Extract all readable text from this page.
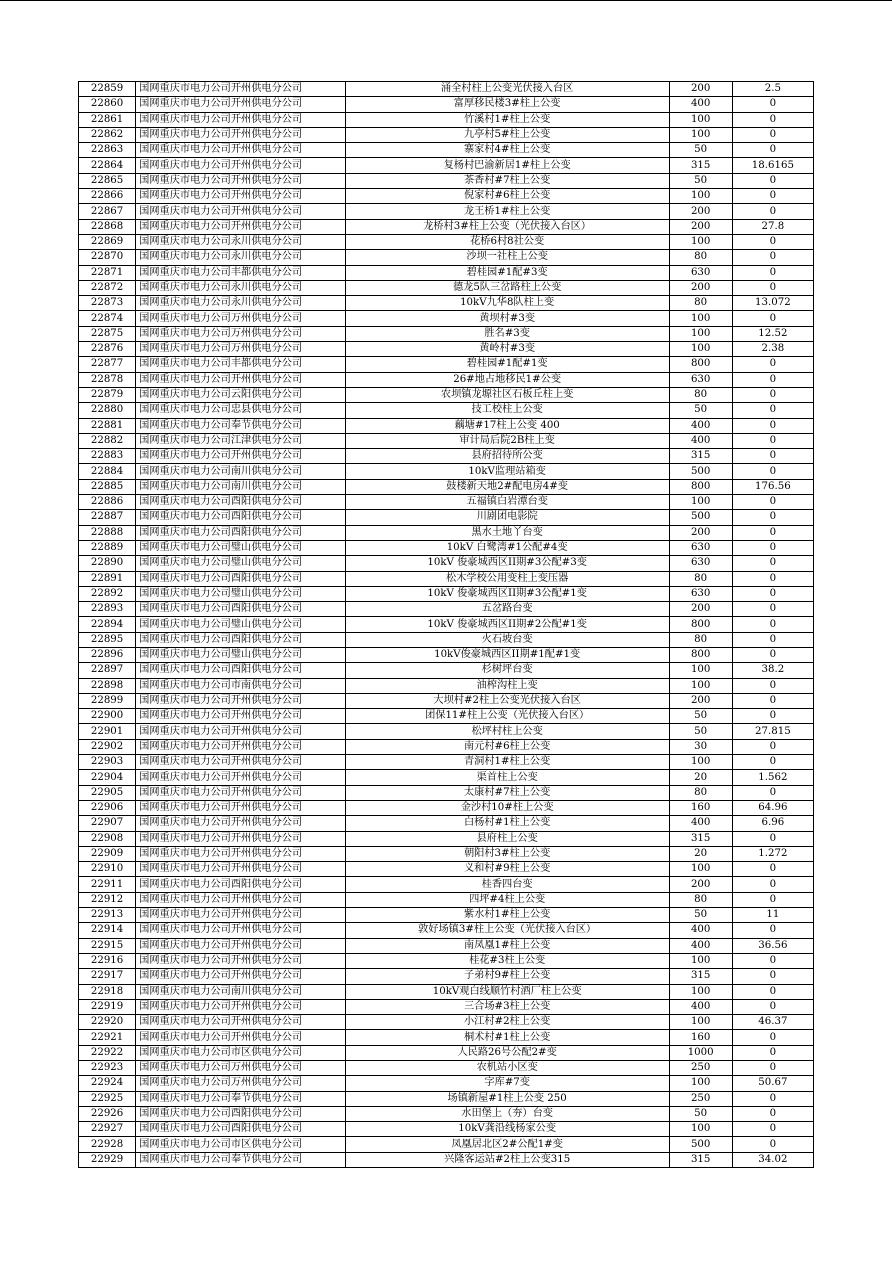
22859	国网重庆市电力公司开州供电分公司	涌全村柱上公变光伏接入台区	200	2.5
22860	国网重庆市电力公司开州供电分公司	富厚移民楼3#柱上公变	400	0
22861	国网重庆市电力公司开州供电分公司	竹溪村1#柱上公变	100	0
22862	国网重庆市电力公司开州供电分公司	九亭村5#柱上公变	100	0
22863	国网重庆市电力公司开州供电分公司	寨家村4#柱上公变	50	0
22864	国网重庆市电力公司开州供电分公司	复杨村巴渝新居1#柱上公变	315	18.6165
22865	国网重庆市电力公司开州供电分公司	茶香村#7柱上公变	50	0
22866	国网重庆市电力公司开州供电分公司	倪家村#6柱上公变	100	0
22867	国网重庆市电力公司开州供电分公司	龙王桥1#柱上公变	200	0
22868	国网重庆市电力公司开州供电分公司	龙桥村3#柱上公变（光伏接入台区）	200	27.8
22869	国网重庆市电力公司永川供电分公司	花桥6村8社公变	100	0
22870	国网重庆市电力公司永川供电分公司	沙坝一社柱上公变	80	0
22871	国网重庆市电力公司丰都供电分公司	碧桂园#1配#3变	630	0
22872	国网重庆市电力公司永川供电分公司	德龙5队三岔路柱上公变	200	0
22873	国网重庆市电力公司永川供电分公司	10kV九华8队柱上变	80	13.072
22874	国网重庆市电力公司万州供电分公司	黄坝村#3变	100	0
22875	国网重庆市电力公司万州供电分公司	胜名#3变	100	12.52
22876	国网重庆市电力公司万州供电分公司	黄岭村#3变	100	2.38
22877	国网重庆市电力公司丰都供电分公司	碧桂园#1配#1变	800	0
22878	国网重庆市电力公司开州供电分公司	26#地占地移民1#公变	630	0
22879	国网重庆市电力公司云阳供电分公司	农坝镇龙塬社区石板丘柱上变	80	0
22880	国网重庆市电力公司忠县供电分公司	技工校柱上公变	50	0
22881	国网重庆市电力公司奉节供电分公司	藕塘#17柱上公变 400	400	0
22882	国网重庆市电力公司江津供电分公司	审计局后院2B柱上变	400	0
22883	国网重庆市电力公司开州供电分公司	县府招待所公变	315	0
22884	国网重庆市电力公司南川供电分公司	10kV监理站箱变	500	0
22885	国网重庆市电力公司南川供电分公司	鼓楼新天地2#配电房4#变	800	176.56
22886	国网重庆市电力公司酉阳供电分公司	五福镇白岩潭台变	100	0
22887	国网重庆市电力公司酉阳供电分公司	川剧团电影院	500	0
22888	国网重庆市电力公司酉阳供电分公司	黑水土地丫台变	200	0
22889	国网重庆市电力公司璧山供电分公司	10kV 白鹭湾#1公配#4变	630	0
22890	国网重庆市电力公司璧山供电分公司	10kV 俊豪城西区II期#3公配#3变	630	0
22891	国网重庆市电力公司酉阳供电分公司	松木学校公用变柱上变压器	80	0
22892	国网重庆市电力公司璧山供电分公司	10kV 俊豪城西区II期#3公配#1变	630	0
22893	国网重庆市电力公司酉阳供电分公司	五岔路台变	200	0
22894	国网重庆市电力公司璧山供电分公司	10kV 俊豪城西区II期#2公配#1变	800	0
22895	国网重庆市电力公司酉阳供电分公司	火石坡台变	80	0
22896	国网重庆市电力公司璧山供电分公司	10kV俊豪城西区II期#1配#1变	800	0
22897	国网重庆市电力公司酉阳供电分公司	杉树坪台变	100	38.2
22898	国网重庆市电力公司市南供电分公司	油榨沟柱上变	100	0
22899	国网重庆市电力公司开州供电分公司	大坝村#2柱上公变光伏接入台区	200	0
22900	国网重庆市电力公司开州供电分公司	团保11#柱上公变（光伏接入台区）	50	0
22901	国网重庆市电力公司开州供电分公司	松坪村柱上公变	50	27.815
22902	国网重庆市电力公司开州供电分公司	南元村#6柱上公变	30	0
22903	国网重庆市电力公司开州供电分公司	青洞村1#柱上公变	100	0
22904	国网重庆市电力公司开州供电分公司	渠首柱上公变	20	1.562
22905	国网重庆市电力公司开州供电分公司	太康村#7柱上公变	80	0
22906	国网重庆市电力公司开州供电分公司	金沙村10#柱上公变	160	64.96
22907	国网重庆市电力公司开州供电分公司	白杨村#1柱上公变	400	6.96
22908	国网重庆市电力公司开州供电分公司	县府柱上公变	315	0
22909	国网重庆市电力公司开州供电分公司	朝阳村3#柱上公变	20	1.272
22910	国网重庆市电力公司开州供电分公司	义和村#9柱上公变	100	0
22911	国网重庆市电力公司酉阳供电分公司	桂香四台变	200	0
22912	国网重庆市电力公司开州供电分公司	四坪#4柱上公变	80	0
22913	国网重庆市电力公司开州供电分公司	紫水村1#柱上公变	50	11
22914	国网重庆市电力公司开州供电分公司	敦好场镇3#柱上公变（光伏接入台区）	400	0
22915	国网重庆市电力公司开州供电分公司	南凤凰1#柱上公变	400	36.56
22916	国网重庆市电力公司开州供电分公司	桂花#3柱上公变	100	0
22917	国网重庆市电力公司开州供电分公司	子弟村9#柱上公变	315	0
22918	国网重庆市电力公司南川供电分公司	10kV观白线顺竹村酒厂柱上公变	100	0
22919	国网重庆市电力公司开州供电分公司	三合场#3柱上公变	400	0
22920	国网重庆市电力公司开州供电分公司	小江村#2柱上公变	100	46.37
22921	国网重庆市电力公司开州供电分公司	桐术村#1柱上公变	160	0
22922	国网重庆市电力公司市区供电分公司	人民路26号公配2#变	1000	0
22923	国网重庆市电力公司万州供电分公司	农机站小区变	250	0
22924	国网重庆市电力公司万州供电分公司	字库#7变	100	50.67
22925	国网重庆市电力公司奉节供电分公司	场镇新屋#1柱上公变 250	250	0
22926	国网重庆市电力公司酉阳供电分公司	水田堡上（夯）台变	50	0
22927	国网重庆市电力公司酉阳供电分公司	10kV龚沿线杨家公变	100	0
22928	国网重庆市电力公司市区供电分公司	凤凰居北区2#公配1#变	500	0
22929	国网重庆市电力公司奉节供电分公司	兴隆客运站#2柱上公变315	315	34.02
